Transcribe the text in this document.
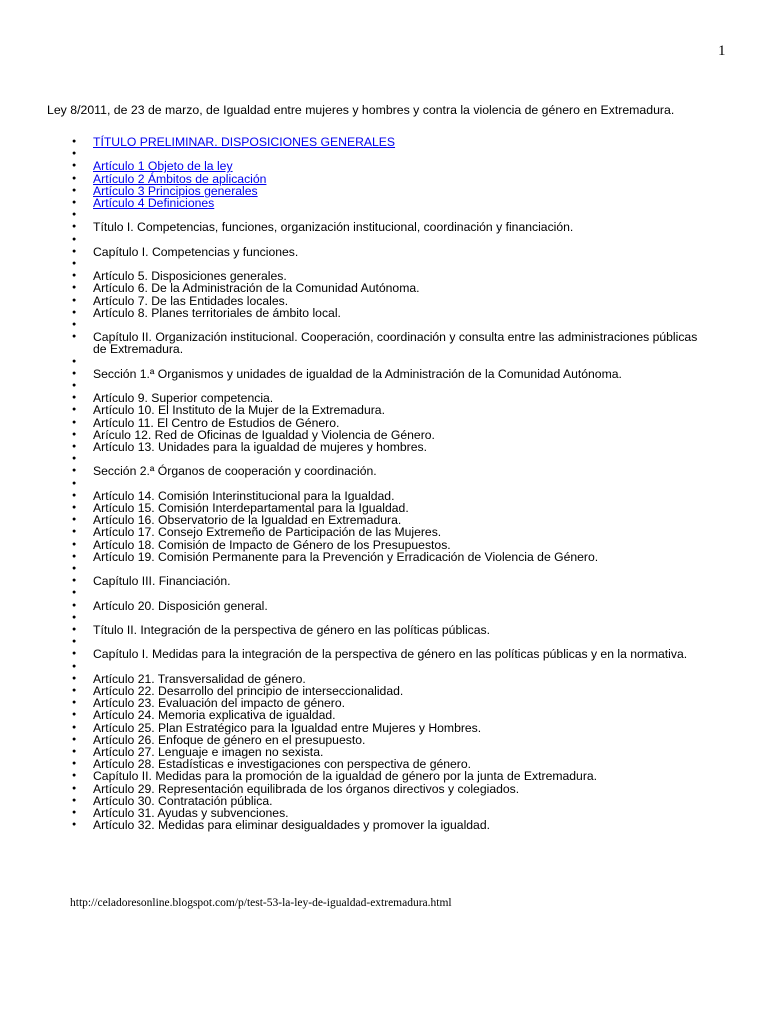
1
Ley 8/2011, de 23 de marzo, de Igualdad entre mujeres y hombres y contra la violencia de género en Extremadura.
● TÍTULO PRELIMINAR. DISPOSICIONES GENERALES
●
● Artículo 1 Objeto de la ley
● Artículo 2 Ámbitos de aplicación
● Artículo 3 Principios generales
● Artículo 4 Definiciones
●
● Título I. Competencias, funciones, organización institucional, coordinación y financiación.
●
● Capítulo I. Competencias y funciones.
●
● Artículo 5. Disposiciones generales.
● Artículo 6. De la Administración de la Comunidad Autónoma.
● Artículo 7. De las Entidades locales.
● Artículo 8. Planes territoriales de ámbito local.
●
● Capítulo II. Organización institucional. Cooperación, coordinación y consulta entre las administraciones públicas de Extremadura.
●
● Sección 1.ª Organismos y unidades de igualdad de la Administración de la Comunidad Autónoma.
●
● Artículo 9. Superior competencia.
● Artículo 10. El Instituto de la Mujer de la Extremadura.
● Artículo 11. El Centro de Estudios de Género.
● Arículo 12. Red de Oficinas de Igualdad y Violencia de Género.
● Artículo 13. Unidades para la igualdad de mujeres y hombres.
●
● Sección 2.ª Órganos de cooperación y coordinación.
●
● Artículo 14. Comisión Interinstitucional para la Igualdad.
● Artículo 15. Comisión Interdepartamental para la Igualdad.
● Artículo 16. Observatorio de la Igualdad en Extremadura.
● Artículo 17. Consejo Extremeño de Participación de las Mujeres.
● Artículo 18. Comisión de Impacto de Género de los Presupuestos.
● Artículo 19. Comisión Permanente para la Prevención y Erradicación de Violencia de Género.
●
● Capítulo III. Financiación.
●
● Artículo 20. Disposición general.
●
● Título II. Integración de la perspectiva de género en las políticas públicas.
●
● Capítulo I. Medidas para la integración de la perspectiva de género en las políticas públicas y en la normativa.
●
● Artículo 21. Transversalidad de género.
● Artículo 22. Desarrollo del principio de interseccionalidad.
● Artículo 23. Evaluación del impacto de género.
● Artículo 24. Memoria explicativa de igualdad.
● Artículo 25. Plan Estratégico para la Igualdad entre Mujeres y Hombres.
● Artículo 26. Enfoque de género en el presupuesto.
● Artículo 27. Lenguaje e imagen no sexista.
● Artículo 28. Estadísticas e investigaciones con perspectiva de género.
● Capítulo II. Medidas para la promoción de la igualdad de género por la junta de Extremadura.
● Artículo 29. Representación equilibrada de los órganos directivos y colegiados.
● Artículo 30. Contratación pública.
● Artículo 31. Ayudas y subvenciones.
● Artículo 32. Medidas para eliminar desigualdades y promover la igualdad.
http://celadoresonline.blogspot.com/p/test-53-la-ley-de-igualdad-extremadura.html
